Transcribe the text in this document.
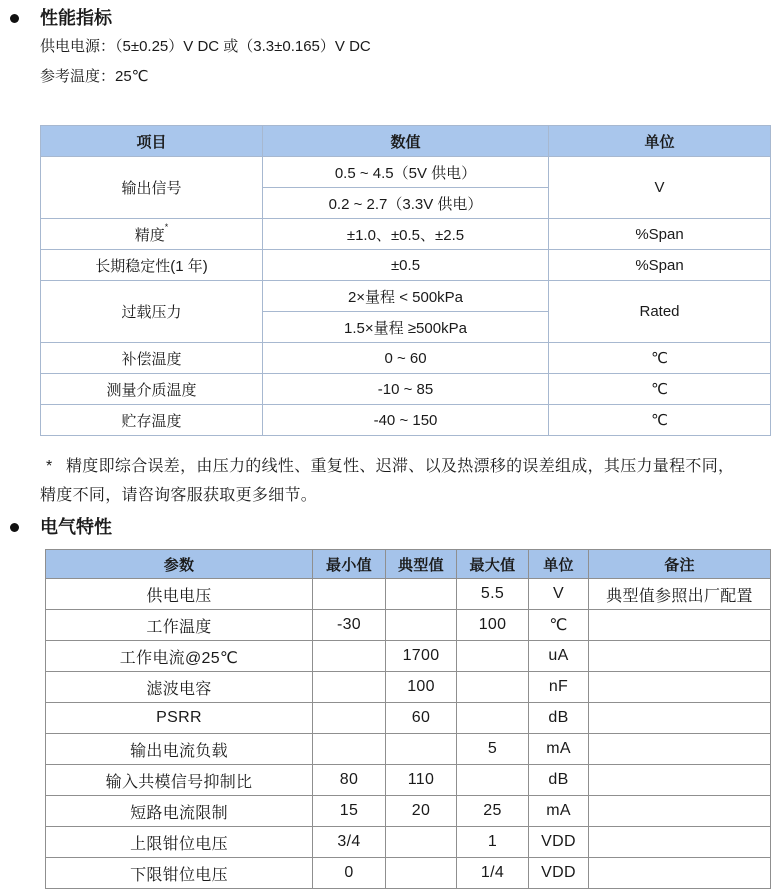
性能指标
供电电源：（5±0.25）V DC 或（3.3±0.165）V DC
参考温度：25℃
项目	数值	单位
输出信号	0.5 ~ 4.5（5V 供电）	V
	0.2 ~ 2.7（3.3V 供电）	
精度*	±1.0、±0.5、±2.5	%Span
长期稳定性(1 年)	±0.5	%Span
过载压力	2×量程 < 500kPa	Rated
	1.5×量程 ≥500kPa	
补偿温度	0 ~ 60	℃
测量介质温度	-10 ~ 85	℃
贮存温度	-40 ~ 150	℃
* 精度即综合误差，由压力的线性、重复性、迟滞、以及热漂移的误差组成，其压力量程不同，
精度不同，请咨询客服获取更多细节。
电气特性
参数	最小值	典型值	最大值	单位	备注
供电电压			5.5	V	典型值参照出厂配置
工作温度	-30		100	℃	
工作电流@25℃		1700		uA	
滤波电容		100		nF	
PSRR		60		dB	
输出电流负载			5	mA	
输入共模信号抑制比	80	110		dB	
短路电流限制	15	20	25	mA	
上限钳位电压	3/4		1	VDD	
下限钳位电压	0		1/4	VDD	
